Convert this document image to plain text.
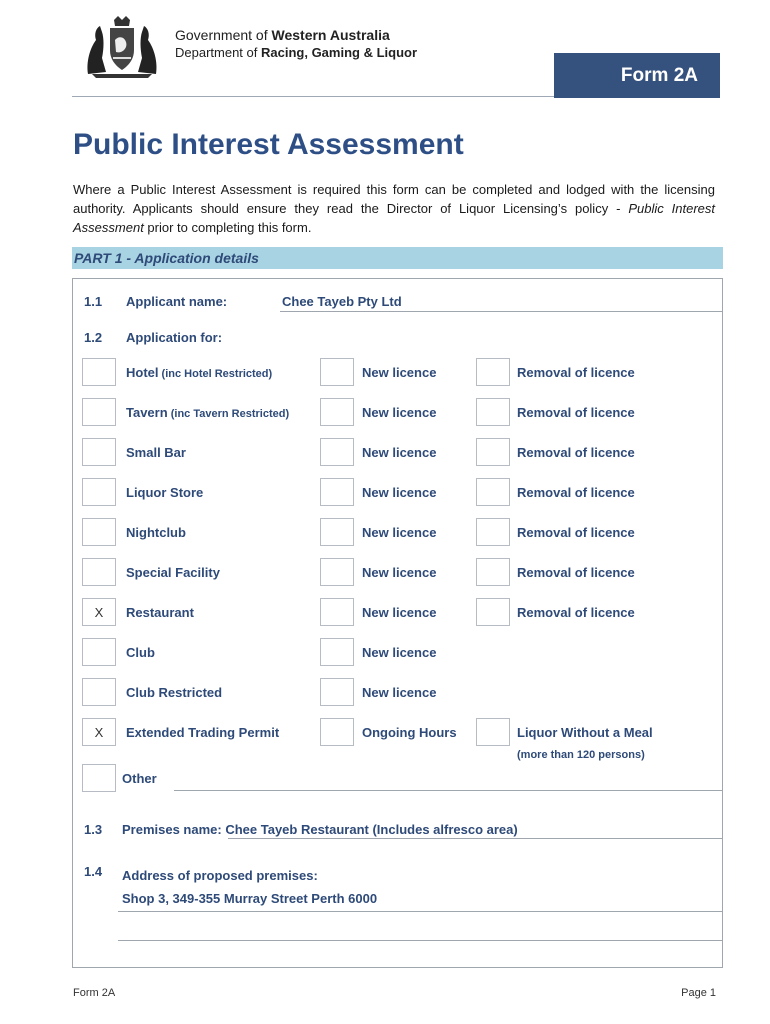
Government of Western Australia
Department of Racing, Gaming & Liquor
Form 2A
Public Interest Assessment
Where a Public Interest Assessment is required this form can be completed and lodged with the licensing authority. Applicants should ensure they read the Director of Liquor Licensing’s policy - Public Interest Assessment prior to completing this form.
PART 1 - Application details
1.1 Applicant name:	Chee Tayeb Pty Ltd
1.2 Application for:
Hotel (inc Hotel Restricted)	New licence	Removal of licence
Tavern (inc Tavern Restricted)	New licence	Removal of licence
Small Bar	New licence	Removal of licence
Liquor Store	New licence	Removal of licence
Nightclub	New licence	Removal of licence
Special Facility	New licence	Removal of licence
X	Restaurant	New licence	Removal of licence
Club	New licence
Club Restricted	New licence
X	Extended Trading Permit	Ongoing Hours	Liquor Without a Meal
(more than 120 persons)
Other
1.3 Premises name: Chee Tayeb Restaurant (Includes alfresco area)
1.4 Address of proposed premises:
Shop 3, 349-355 Murray Street Perth 6000
Form 2A	Page 1
